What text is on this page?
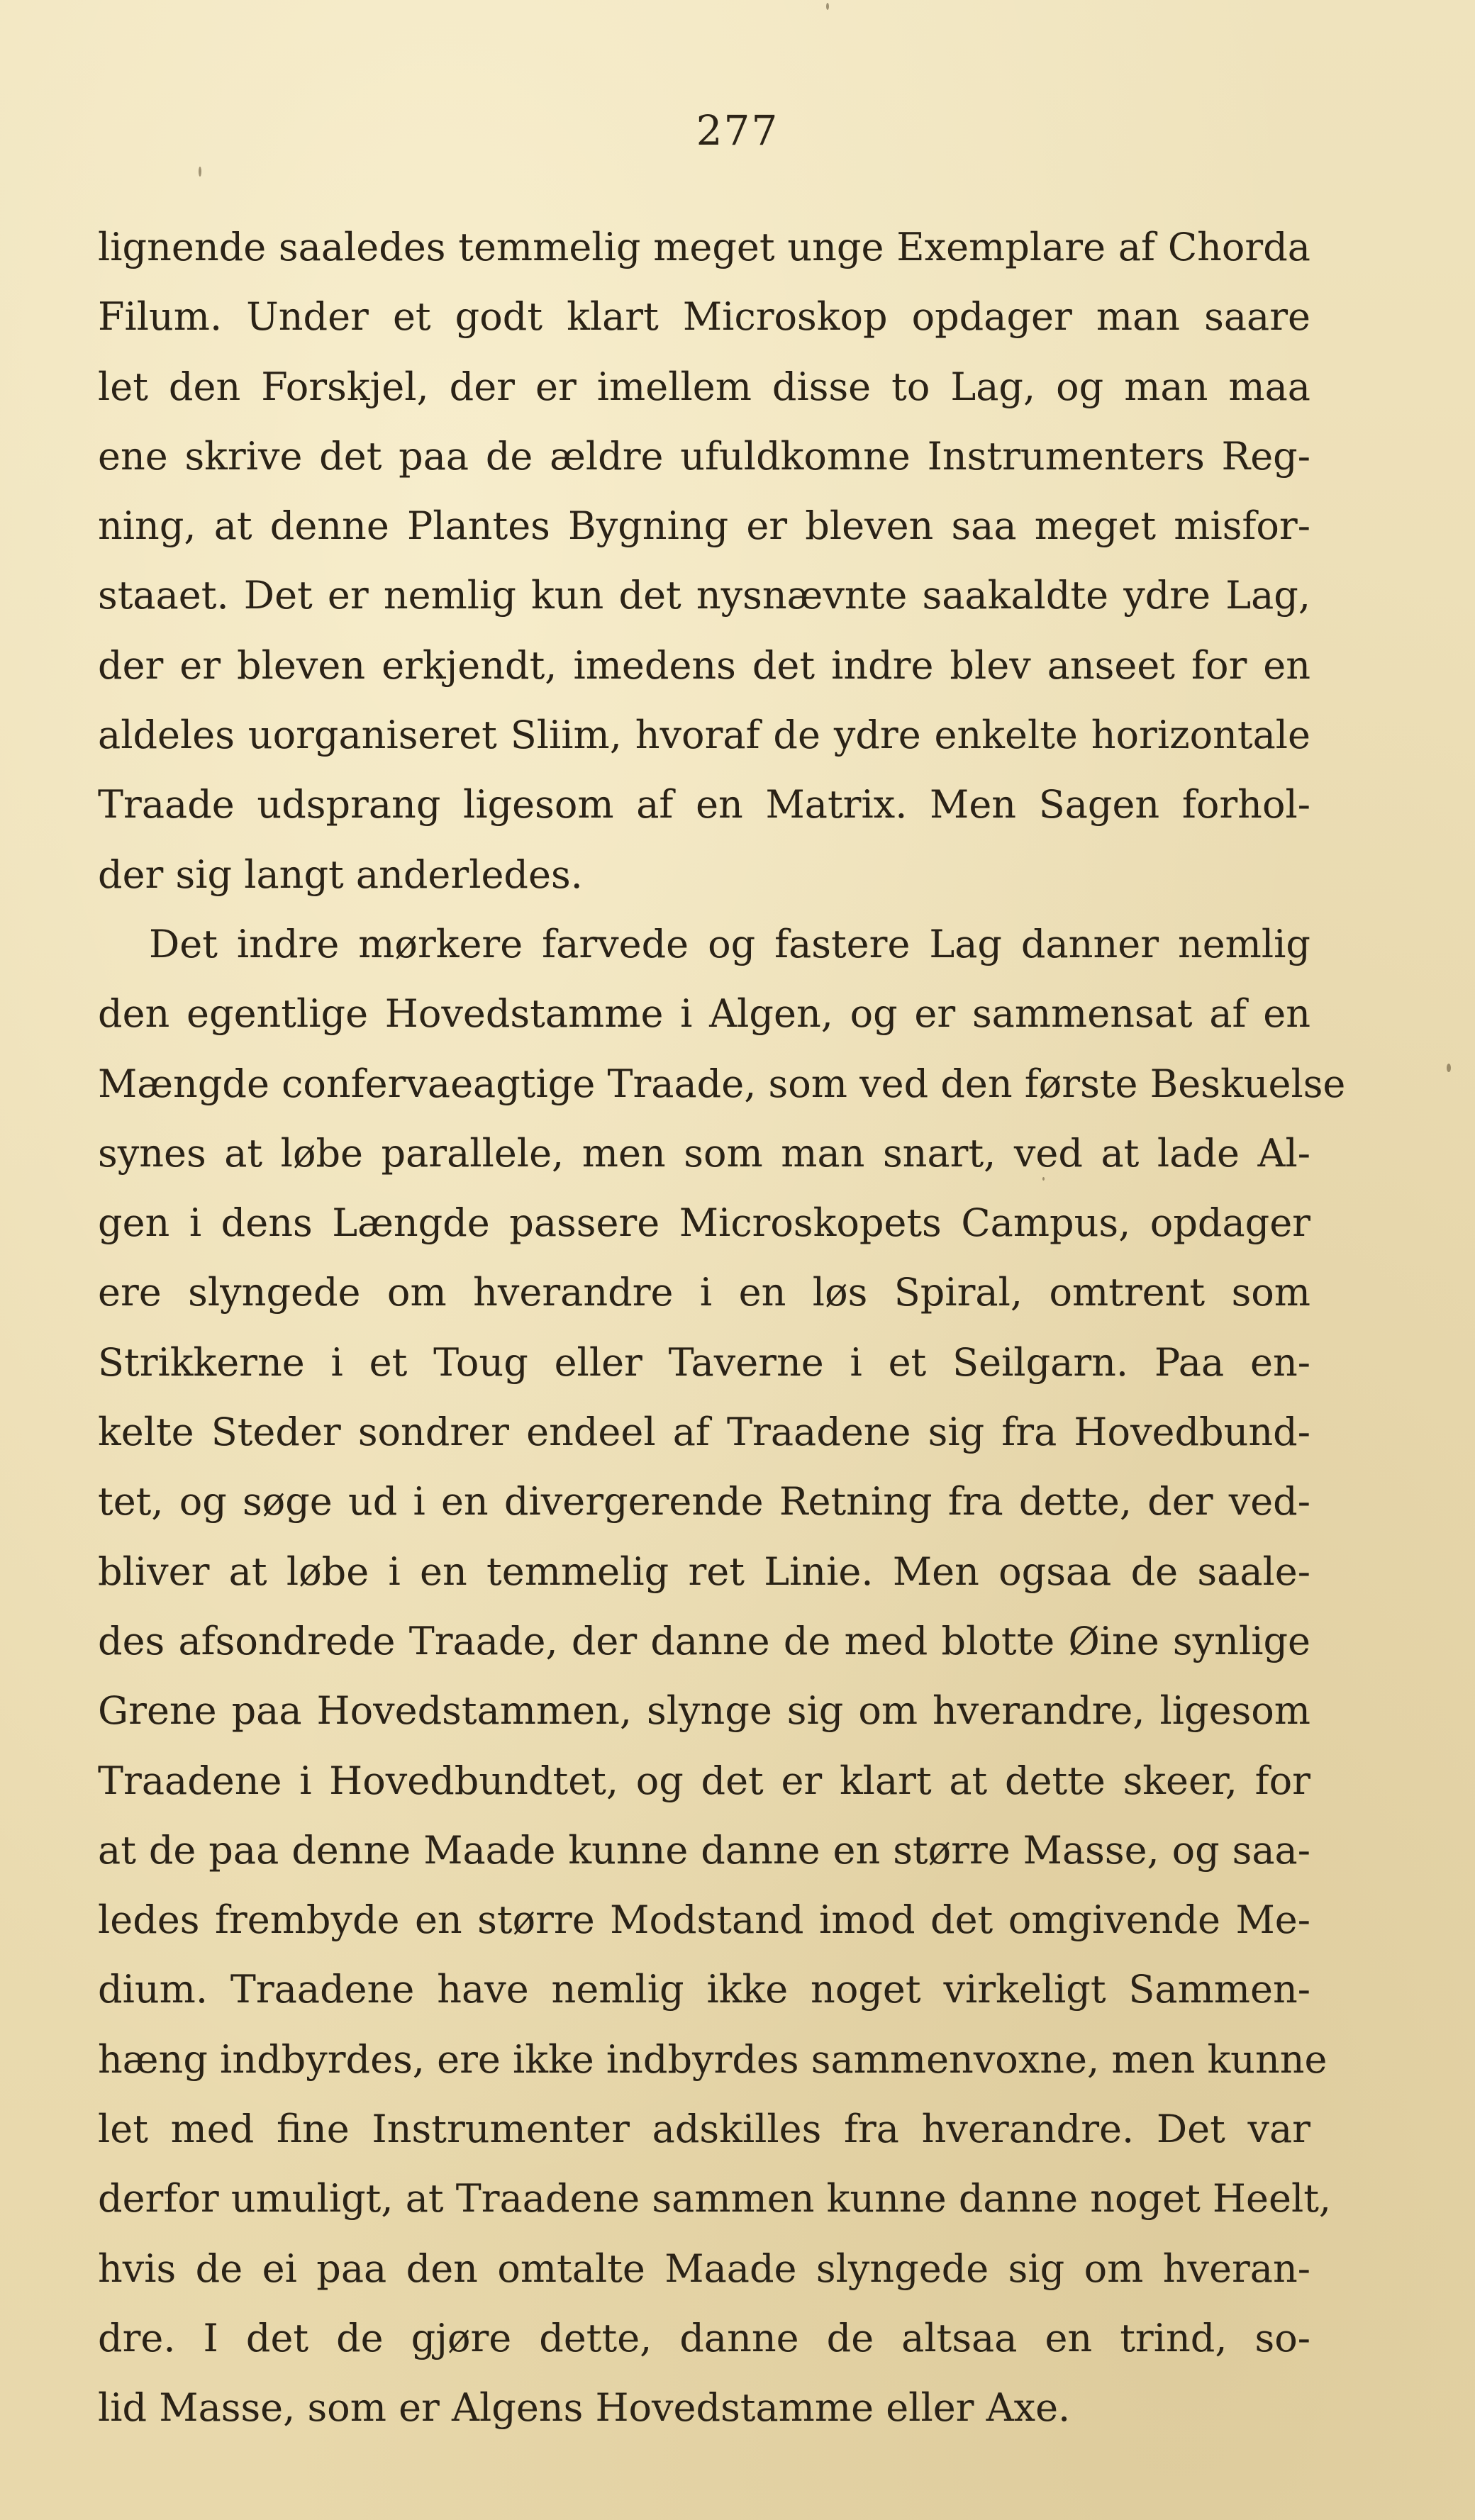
277
lignende saaledes temmelig meget unge Exemplare af Chorda
Filum. Under et godt klart Microskop opdager man saare
let den Forskjel, der er imellem disse to Lag, og man maa
ene skrive det paa de ældre ufuldkomne Instrumenters Reg-
ning, at denne Plantes Bygning er bleven saa meget misfor-
staaet. Det er nemlig kun det nysnævnte saakaldte ydre Lag,
der er bleven erkjendt, imedens det indre blev anseet for en
aldeles uorganiseret Sliim, hvoraf de ydre enkelte horizontale
Traade udsprang ligesom af en Matrix. Men Sagen forhol-
der sig langt anderledes.
Det indre mørkere farvede og fastere Lag danner nemlig
den egentlige Hovedstamme i Algen, og er sammensat af en
Mængde confervaeagtige Traade, som ved den første Beskuelse
synes at løbe parallele, men som man snart, ved at lade Al-
gen i dens Længde passere Microskopets Campus, opdager
ere slyngede om hverandre i en løs Spiral, omtrent som
Strikkerne i et Toug eller Taverne i et Seilgarn. Paa en-
kelte Steder sondrer endeel af Traadene sig fra Hovedbund-
tet, og søge ud i en divergerende Retning fra dette, der ved-
bliver at løbe i en temmelig ret Linie. Men ogsaa de saale-
des afsondrede Traade, der danne de med blotte Øine synlige
Grene paa Hovedstammen, slynge sig om hverandre, ligesom
Traadene i Hovedbundtet, og det er klart at dette skeer, for
at de paa denne Maade kunne danne en større Masse, og saa-
ledes frembyde en større Modstand imod det omgivende Me-
dium. Traadene have nemlig ikke noget virkeligt Sammen-
hæng indbyrdes, ere ikke indbyrdes sammenvoxne, men kunne
let med fine Instrumenter adskilles fra hverandre. Det var
derfor umuligt, at Traadene sammen kunne danne noget Heelt,
hvis de ei paa den omtalte Maade slyngede sig om hveran-
dre. I det de gjøre dette, danne de altsaa en trind, so-
lid Masse, som er Algens Hovedstamme eller Axe.
